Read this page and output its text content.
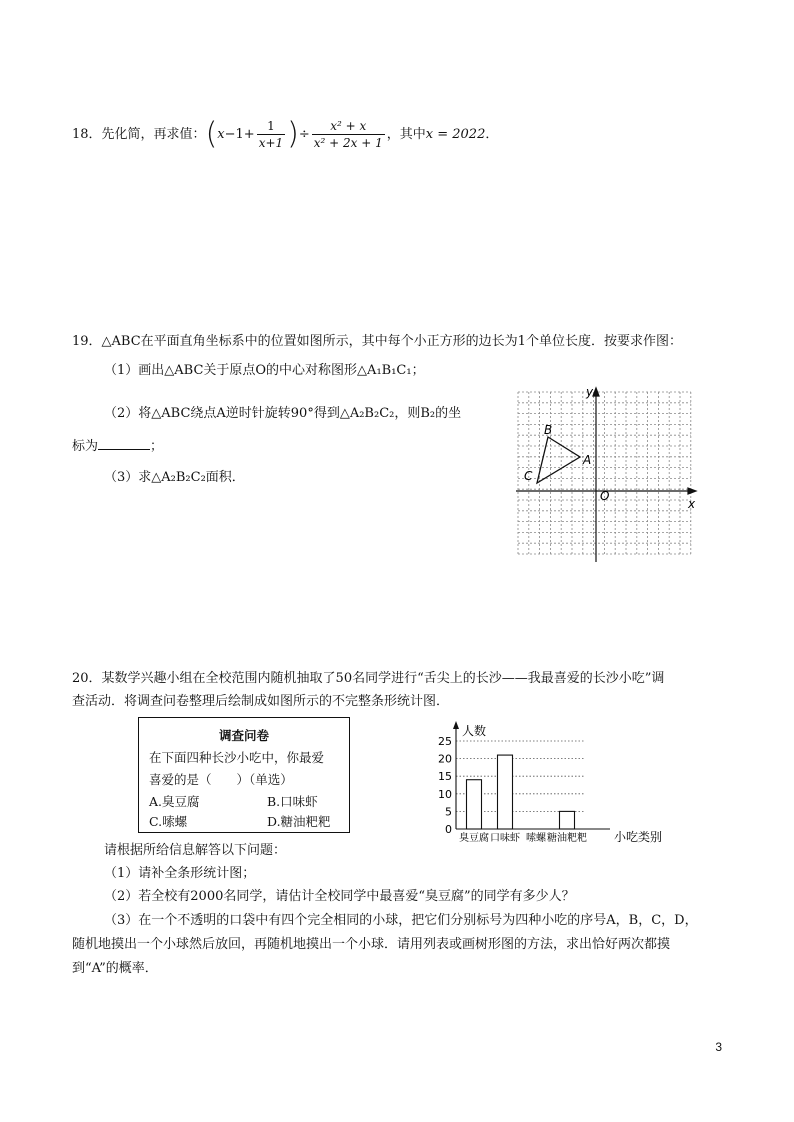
18．先化简，再求值：($x-1+ \frac{1}{x+1}$ )÷ $\frac{\text{x² + x}}{\text{x² + 2x + 1}}$ ，其中x = 2022．
19．△ABC在平面直角坐标系中的位置如图所示，其中每个小正方形的边长为1个单位长度．按要求作图：
（1）画出△ABC关于原点O的中心对称图形△A₁B₁C₁；
（2）将△ABC绕点A逆时针旋转90°得到△A₂B₂C₂，则B₂的坐
标为	；
（3）求△A₂B₂C₂面积．
y
x
O
A
B
C
20．某数学兴趣小组在全校范围内随机抽取了50名同学进行“舌尖上的长沙——我最喜爱的长沙小吃”调
查活动．将调查问卷整理后绘制成如图所示的不完整条形统计图．
调查问卷
在下面四种长沙小吃中，你最爱
喜爱的是（　　）（单选）
A.臭豆腐	B.口味虾
C.嗦螺	D.糖油粑粑
0
5
10
15
20
25
臭豆腐 口味虾 嗦螺 糖油粑粑
人数
小吃类别
请根据所给信息解答以下问题：
（1）请补全条形统计图；
（2）若全校有2000名同学，请估计全校同学中最喜爱“臭豆腐”的同学有多少人？
（3）在一个不透明的口袋中有四个完全相同的小球，把它们分别标号为四种小吃的序号A，B，C，D，
随机地摸出一个小球然后放回，再随机地摸出一个小球．请用列表或画树形图的方法，求出恰好两次都摸
到“A”的概率．
3
